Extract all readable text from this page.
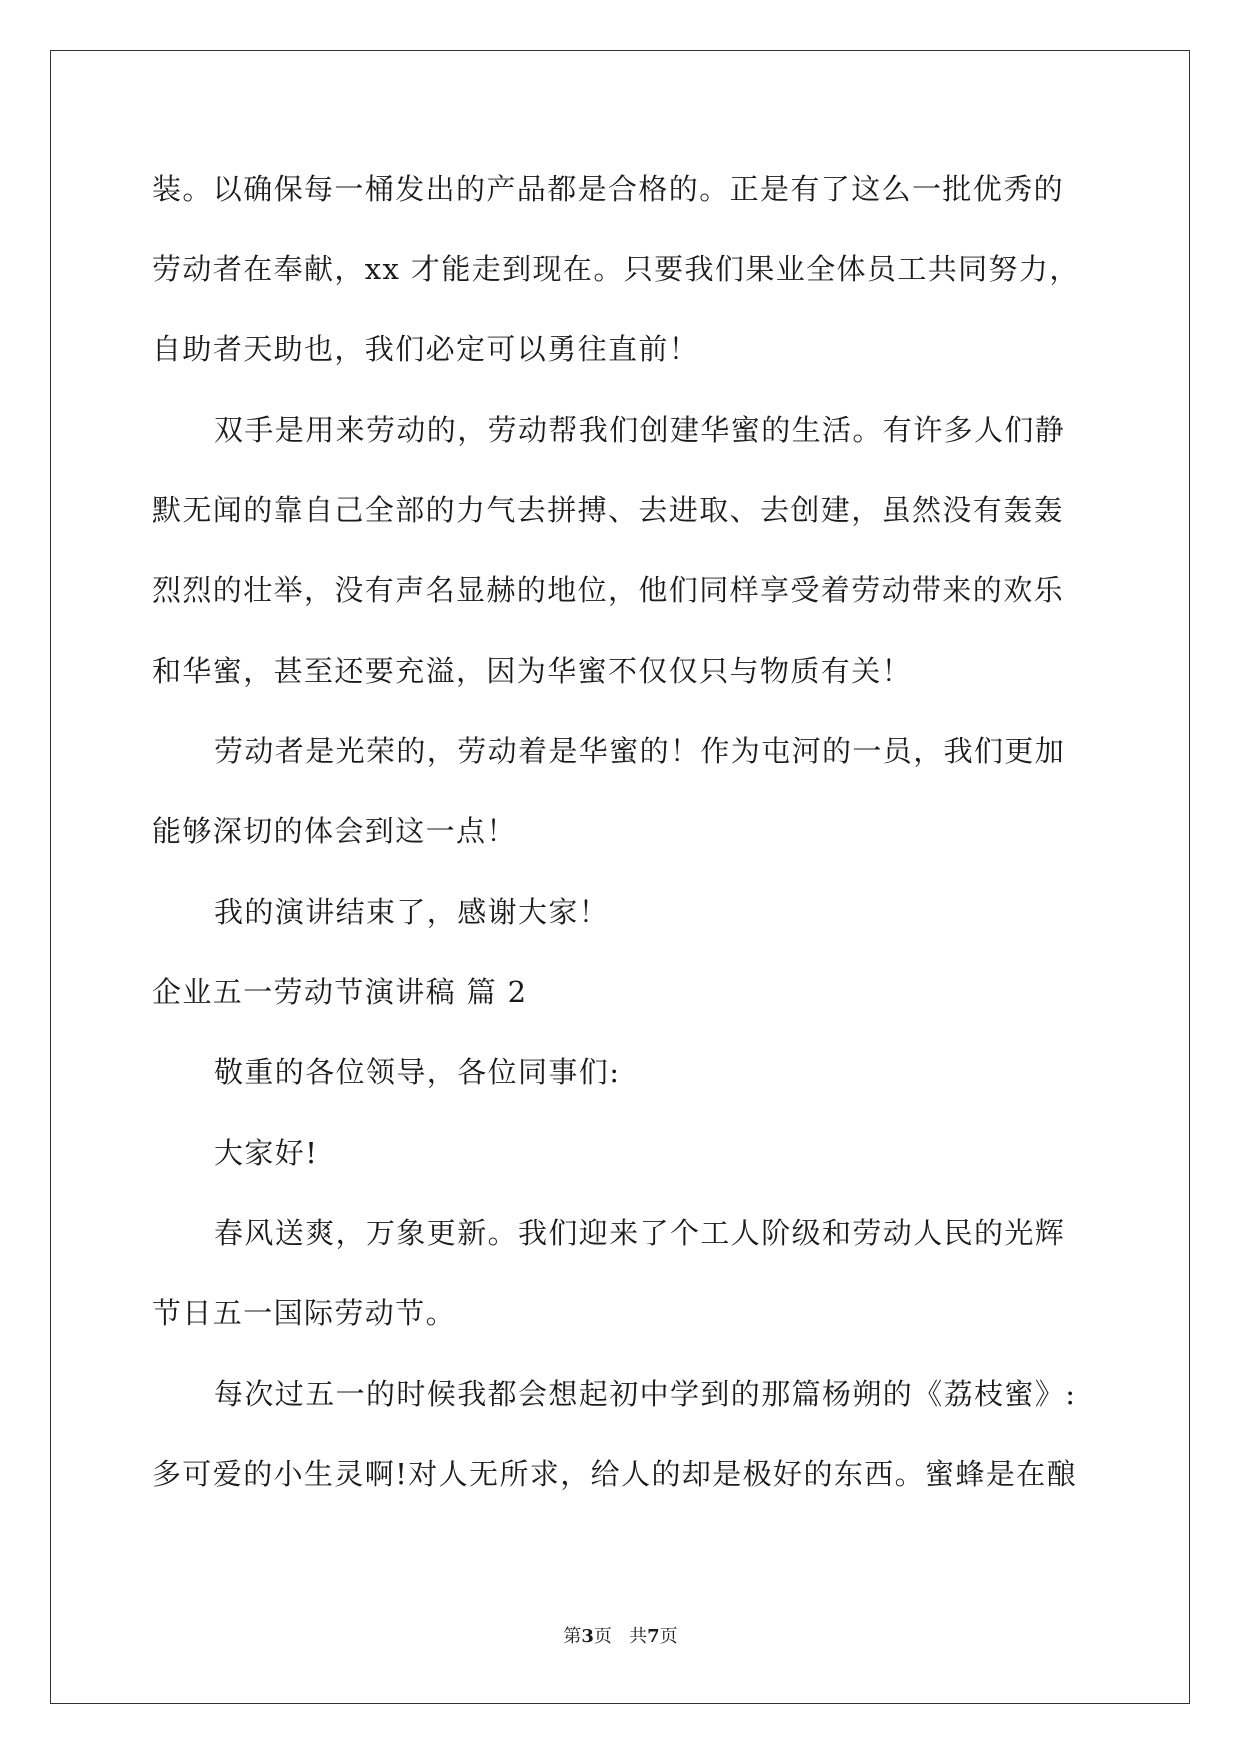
装。以确保每一桶发出的产品都是合格的。正是有了这么一批优秀的
劳动者在奉献，xx 才能走到现在。只要我们果业全体员工共同努力，
自助者天助也，我们必定可以勇往直前！
双手是用来劳动的，劳动帮我们创建华蜜的生活。有许多人们静
默无闻的靠自己全部的力气去拼搏、去进取、去创建，虽然没有轰轰
烈烈的壮举，没有声名显赫的地位，他们同样享受着劳动带来的欢乐
和华蜜，甚至还要充溢，因为华蜜不仅仅只与物质有关！
劳动者是光荣的，劳动着是华蜜的！作为屯河的一员，我们更加
能够深切的体会到这一点！
我的演讲结束了，感谢大家！
企业五一劳动节演讲稿 篇 2
敬重的各位领导，各位同事们:
大家好!
春风送爽，万象更新。我们迎来了个工人阶级和劳动人民的光辉
节日五一国际劳动节。
每次过五一的时候我都会想起初中学到的那篇杨朔的《荔枝蜜》:
多可爱的小生灵啊!对人无所求，给人的却是极好的东西。蜜蜂是在酿
第3页 共7页
